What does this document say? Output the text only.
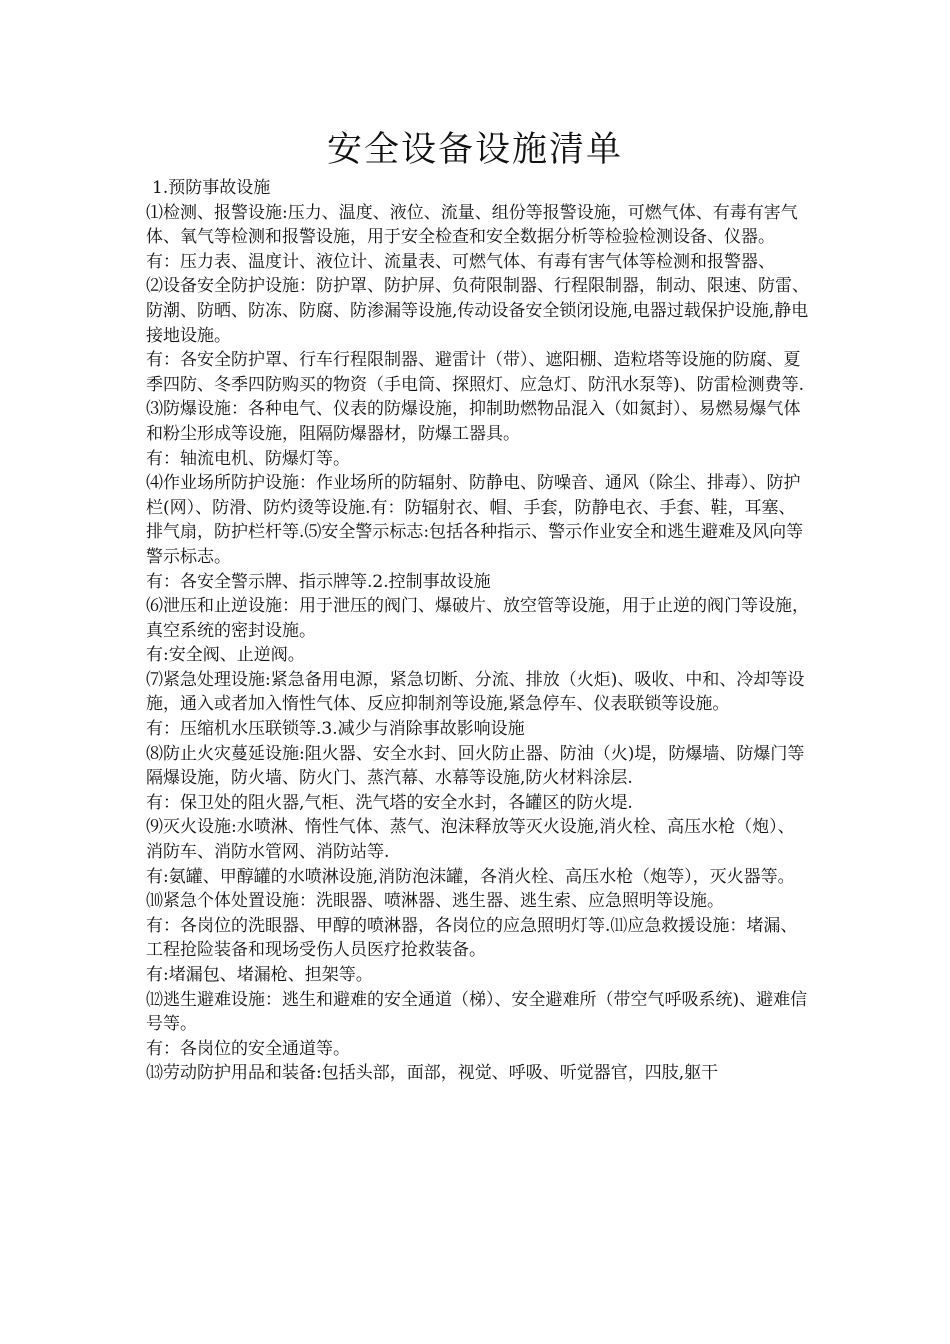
安全设备设施清单

1.预防事故设施

⑴检测、报警设施:压力、温度、液位、流量、组份等报警设施，可燃气体、有毒有害气体、氧气等检测和报警设施，用于安全检查和安全数据分析等检验检测设备、仪器。

有：压力表、温度计、液位计、流量表、可燃气体、有毒有害气体等检测和报警器、

⑵设备安全防护设施：防护罩、防护屏、负荷限制器、行程限制器，制动、限速、防雷、防潮、防晒、防冻、防腐、防渗漏等设施,传动设备安全锁闭设施,电器过载保护设施,静电接地设施。

有：各安全防护罩、行车行程限制器、避雷计（带）、遮阳棚、造粒塔等设施的防腐、夏季四防、冬季四防购买的物资（手电筒、探照灯、应急灯、防汛水泵等)、防雷检测费等.

⑶防爆设施：各种电气、仪表的防爆设施，抑制助燃物品混入（如氮封）、易燃易爆气体和粉尘形成等设施，阻隔防爆器材，防爆工器具。

有：轴流电机、防爆灯等。

⑷作业场所防护设施：作业场所的防辐射、防静电、防噪音、通风（除尘、排毒）、防护栏(网）、防滑、防灼烫等设施.有：防辐射衣、帽、手套，防静电衣、手套、鞋，耳塞、排气扇，防护栏杆等.⑸安全警示标志:包括各种指示、警示作业安全和逃生避难及风向等警示标志。

有：各安全警示牌、指示牌等.2.控制事故设施

⑹泄压和止逆设施：用于泄压的阀门、爆破片、放空管等设施，用于止逆的阀门等设施，真空系统的密封设施。

有:安全阀、止逆阀。

⑺紧急处理设施:紧急备用电源，紧急切断、分流、排放（火炬)、吸收、中和、冷却等设施，通入或者加入惰性气体、反应抑制剂等设施,紧急停车、仪表联锁等设施。

有：压缩机水压联锁等.3.减少与消除事故影响设施

⑻防止火灾蔓延设施:阻火器、安全水封、回火防止器、防油（火)堤，防爆墙、防爆门等隔爆设施，防火墙、防火门、蒸汽幕、水幕等设施,防火材料涂层.

有：保卫处的阻火器,气柜、洗气塔的安全水封，各罐区的防火堤.

⑼灭火设施:水喷淋、惰性气体、蒸气、泡沫释放等灭火设施,消火栓、高压水枪（炮）、消防车、消防水管网、消防站等.

有:氨罐、甲醇罐的水喷淋设施,消防泡沫罐，各消火栓、高压水枪（炮等），灭火器等。⑽紧急个体处置设施：洗眼器、喷淋器、逃生器、逃生索、应急照明等设施。

有：各岗位的洗眼器、甲醇的喷淋器，各岗位的应急照明灯等.⑾应急救援设施：堵漏、工程抢险装备和现场受伤人员医疗抢救装备。

有:堵漏包、堵漏枪、担架等。

⑿逃生避难设施：逃生和避难的安全通道（梯）、安全避难所（带空气呼吸系统)、避难信号等。

有：各岗位的安全通道等。

⒀劳动防护用品和装备:包括头部，面部，视觉、呼吸、听觉器官，四肢,躯干
